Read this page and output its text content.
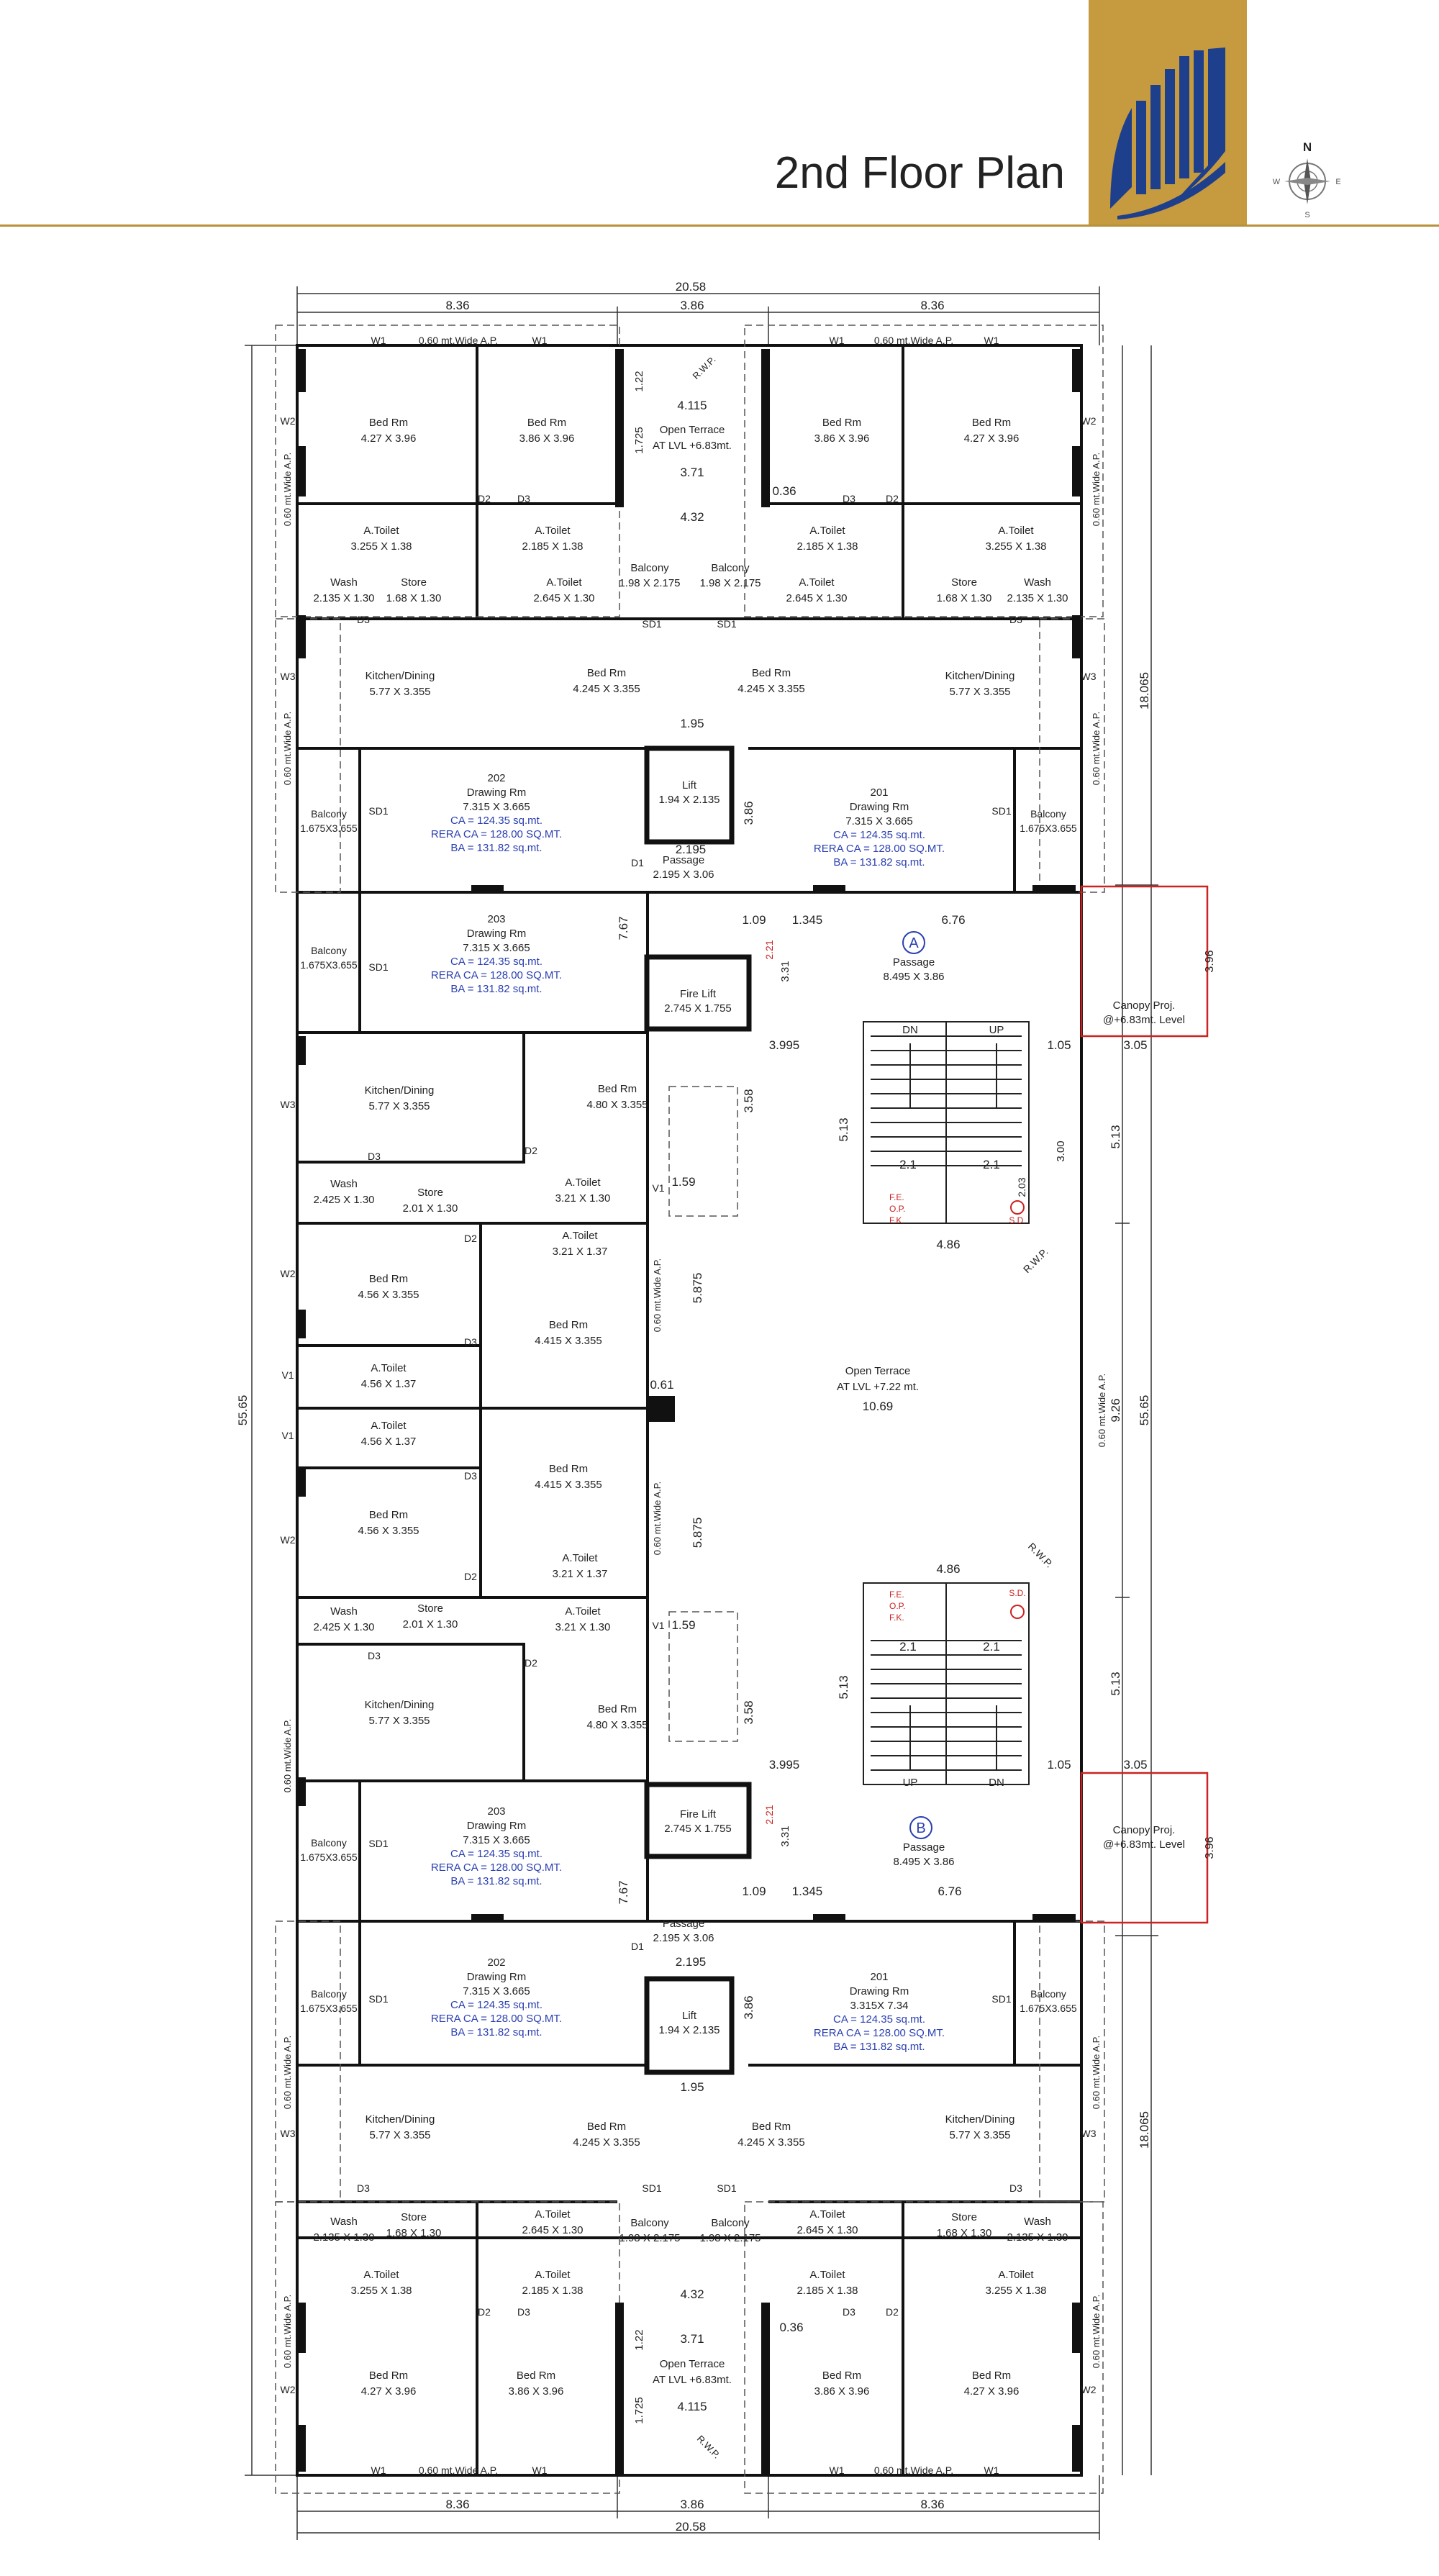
2nd Floor Plan
N
S
E
W
20.58
8.36	3.86	8.36
8.36	3.86	8.36
20.58
55.65	55.65
18.065
9.26
18.065
5.13
5.13
Bed Rm
4.27 X 3.96
Bed Rm
3.86 X 3.96
A.Toilet
3.255 X 1.38
A.Toilet
2.185 X 1.38
Wash
2.135 X 1.30
Store
1.68 X 1.30
A.Toilet
2.645 X 1.30
Balcony
1.98 X 2.175
Kitchen/Dining
5.77 X 3.355
Bed Rm
4.245 X 3.355
Balcony
1.675X3.655
202
Drawing Rm
7.315 X 3.665
CA = 124.35 sq.mt.
RERA CA = 128.00 SQ.MT.
BA = 131.82 sq.mt.
Bed Rm
3.86 X 3.96
Bed Rm
4.27 X 3.96
A.Toilet
2.185 X 1.38
A.Toilet
3.255 X 1.38
Balcony
1.98 X 2.175	A.Toilet
2.645 X 1.30
Store
1.68 X 1.30
Wash
2.135 X 1.30
Bed Rm
4.245 X 3.355
Kitchen/Dining
5.77 X 3.355
201
Drawing Rm
7.315 X 3.665
CA = 124.35 sq.mt.
RERA CA = 128.00 SQ.MT.
BA = 131.82 sq.mt.
Balcony
1.675X3.655
Open Terrace
AT LVL +6.83mt.
4.115
3.71
4.32
1.95
Lift
1.94 X 2.135
2.195
Passage
2.195 X 3.06
Fire Lift
2.745 X 1.755
A
Passage
8.495 X 3.86
6.76
1.345
1.09
3.995	1.05	3.05
Canopy Proj.
@+6.83mt. Level
3.96
DN	UP
2.1	2.1
4.86
5.13
F.E.
O.P.
F.K.	S.D.
R.W.P.
Open Terrace
AT LVL +7.22 mt.
10.69
0.61
5.875
5.875
Balcony
1.675X3.655
203
Drawing Rm
7.315 X 3.665
CA = 124.35 sq.mt.
RERA CA = 128.00 SQ.MT.
BA = 131.82 sq.mt.
Kitchen/Dining
5.77 X 3.355
Bed Rm
4.80 X 3.355
Wash
2.425 X 1.30
Store
2.01 X 1.30
A.Toilet
3.21 X 1.30
A.Toilet
3.21 X 1.37
Bed Rm
4.56 X 3.355
Bed Rm
4.415 X 3.355
A.Toilet
4.56 X 1.37
A.Toilet
4.56 X 1.37
Bed Rm
4.415 X 3.355
Bed Rm
4.56 X 3.355
A.Toilet
3.21 X 1.37
Wash
2.425 X 1.30
Store
2.01 X 1.30
A.Toilet
3.21 X 1.30
Kitchen/Dining
5.77 X 3.355
Bed Rm
4.80 X 3.355
Balcony
1.675X3.655
203
Drawing Rm
7.315 X 3.665
CA = 124.35 sq.mt.
RERA CA = 128.00 SQ.MT.
BA = 131.82 sq.mt.
UP	DN
2.1	2.1
4.86
5.13
F.E.
O.P.
F.K.
S.D.
R.W.P.
B
Passage
8.495 X 3.86
6.76
1.345
1.09
3.995	1.05	3.05
Canopy Proj.
@+6.83mt. Level 3.96
Fire Lift
2.745 X 1.755
Passage
2.195 X 3.06
2.195
Lift
1.94 X 2.135
1.95
Balcony
1.675X3.655
202
Drawing Rm
7.315 X 3.665
CA = 124.35 sq.mt.
RERA CA = 128.00 SQ.MT.
BA = 131.82 sq.mt.
Kitchen/Dining
5.77 X 3.355
Bed Rm
4.245 X 3.355
Wash
2.135 X 1.30
Store
1.68 X 1.30
A.Toilet
2.645 X 1.30
Balcony
1.98 X 2.175
A.Toilet
3.255 X 1.38
A.Toilet
2.185 X 1.38
Bed Rm
4.27 X 3.96
Bed Rm
3.86 X 3.96
201
Drawing Rm
3.315X 7.34
CA = 124.35 sq.mt.
RERA CA = 128.00 SQ.MT.
BA = 131.82 sq.mt.
Balcony
1.675X3.655
Bed Rm
4.245 X 3.355
Kitchen/Dining
5.77 X 3.355
Balcony
1.98 X 2.175
A.Toilet
2.645 X 1.30
Store
1.68 X 1.30
Wash
2.135 X 1.30
A.Toilet
2.185 X 1.38
A.Toilet
3.255 X 1.38
Bed Rm
3.86 X 3.96
Bed Rm
4.27 X 3.96
Open Terrace
AT LVL +6.83mt.
4.32
3.71
4.115
0.36
W1	0.60 mt.Wide A.P.	W1	W1	0.60 mt.Wide A.P.	W1
W1	0.60 mt.Wide A.P.	W1	W1	0.60 mt.Wide A.P.	W1
0.60 mt.Wide A.P.	0.60 mt.Wide A.P.
0.60 mt.Wide A.P.	0.60 mt.Wide A.P.
0.60 mt.Wide A.P.
0.60 mt.Wide A.P.	0.60 mt.Wide A.P.
0.60 mt.Wide A.P.	0.60 mt.Wide A.P.
0.60 mt.Wide A.P.
0.60 mt.Wide A.P.
0.60 mt.Wide A.P.
W2	W2
W3	W3
W3
W2
W2
W3	W3
W2	W2
SD1	SD1
SD1
SD1
SD1	SD1
SD1	SD1
SD1	SD1
D1
D1
D2	D2
D3	D3
D3	D3
D3
D3
D2
D2
D2
D2
D3
D3
D3	D3
D2	D2
D3	D3
V1
V1
V1
V1
R.W.P.
R.W.P.
3.86
3.86
7.67
7.67
3.58
3.58
3.31
3.31
2.21
2.21
3.00
2.03
1.59
1.59
1.22
1.725
1.22
1.725
0.36
